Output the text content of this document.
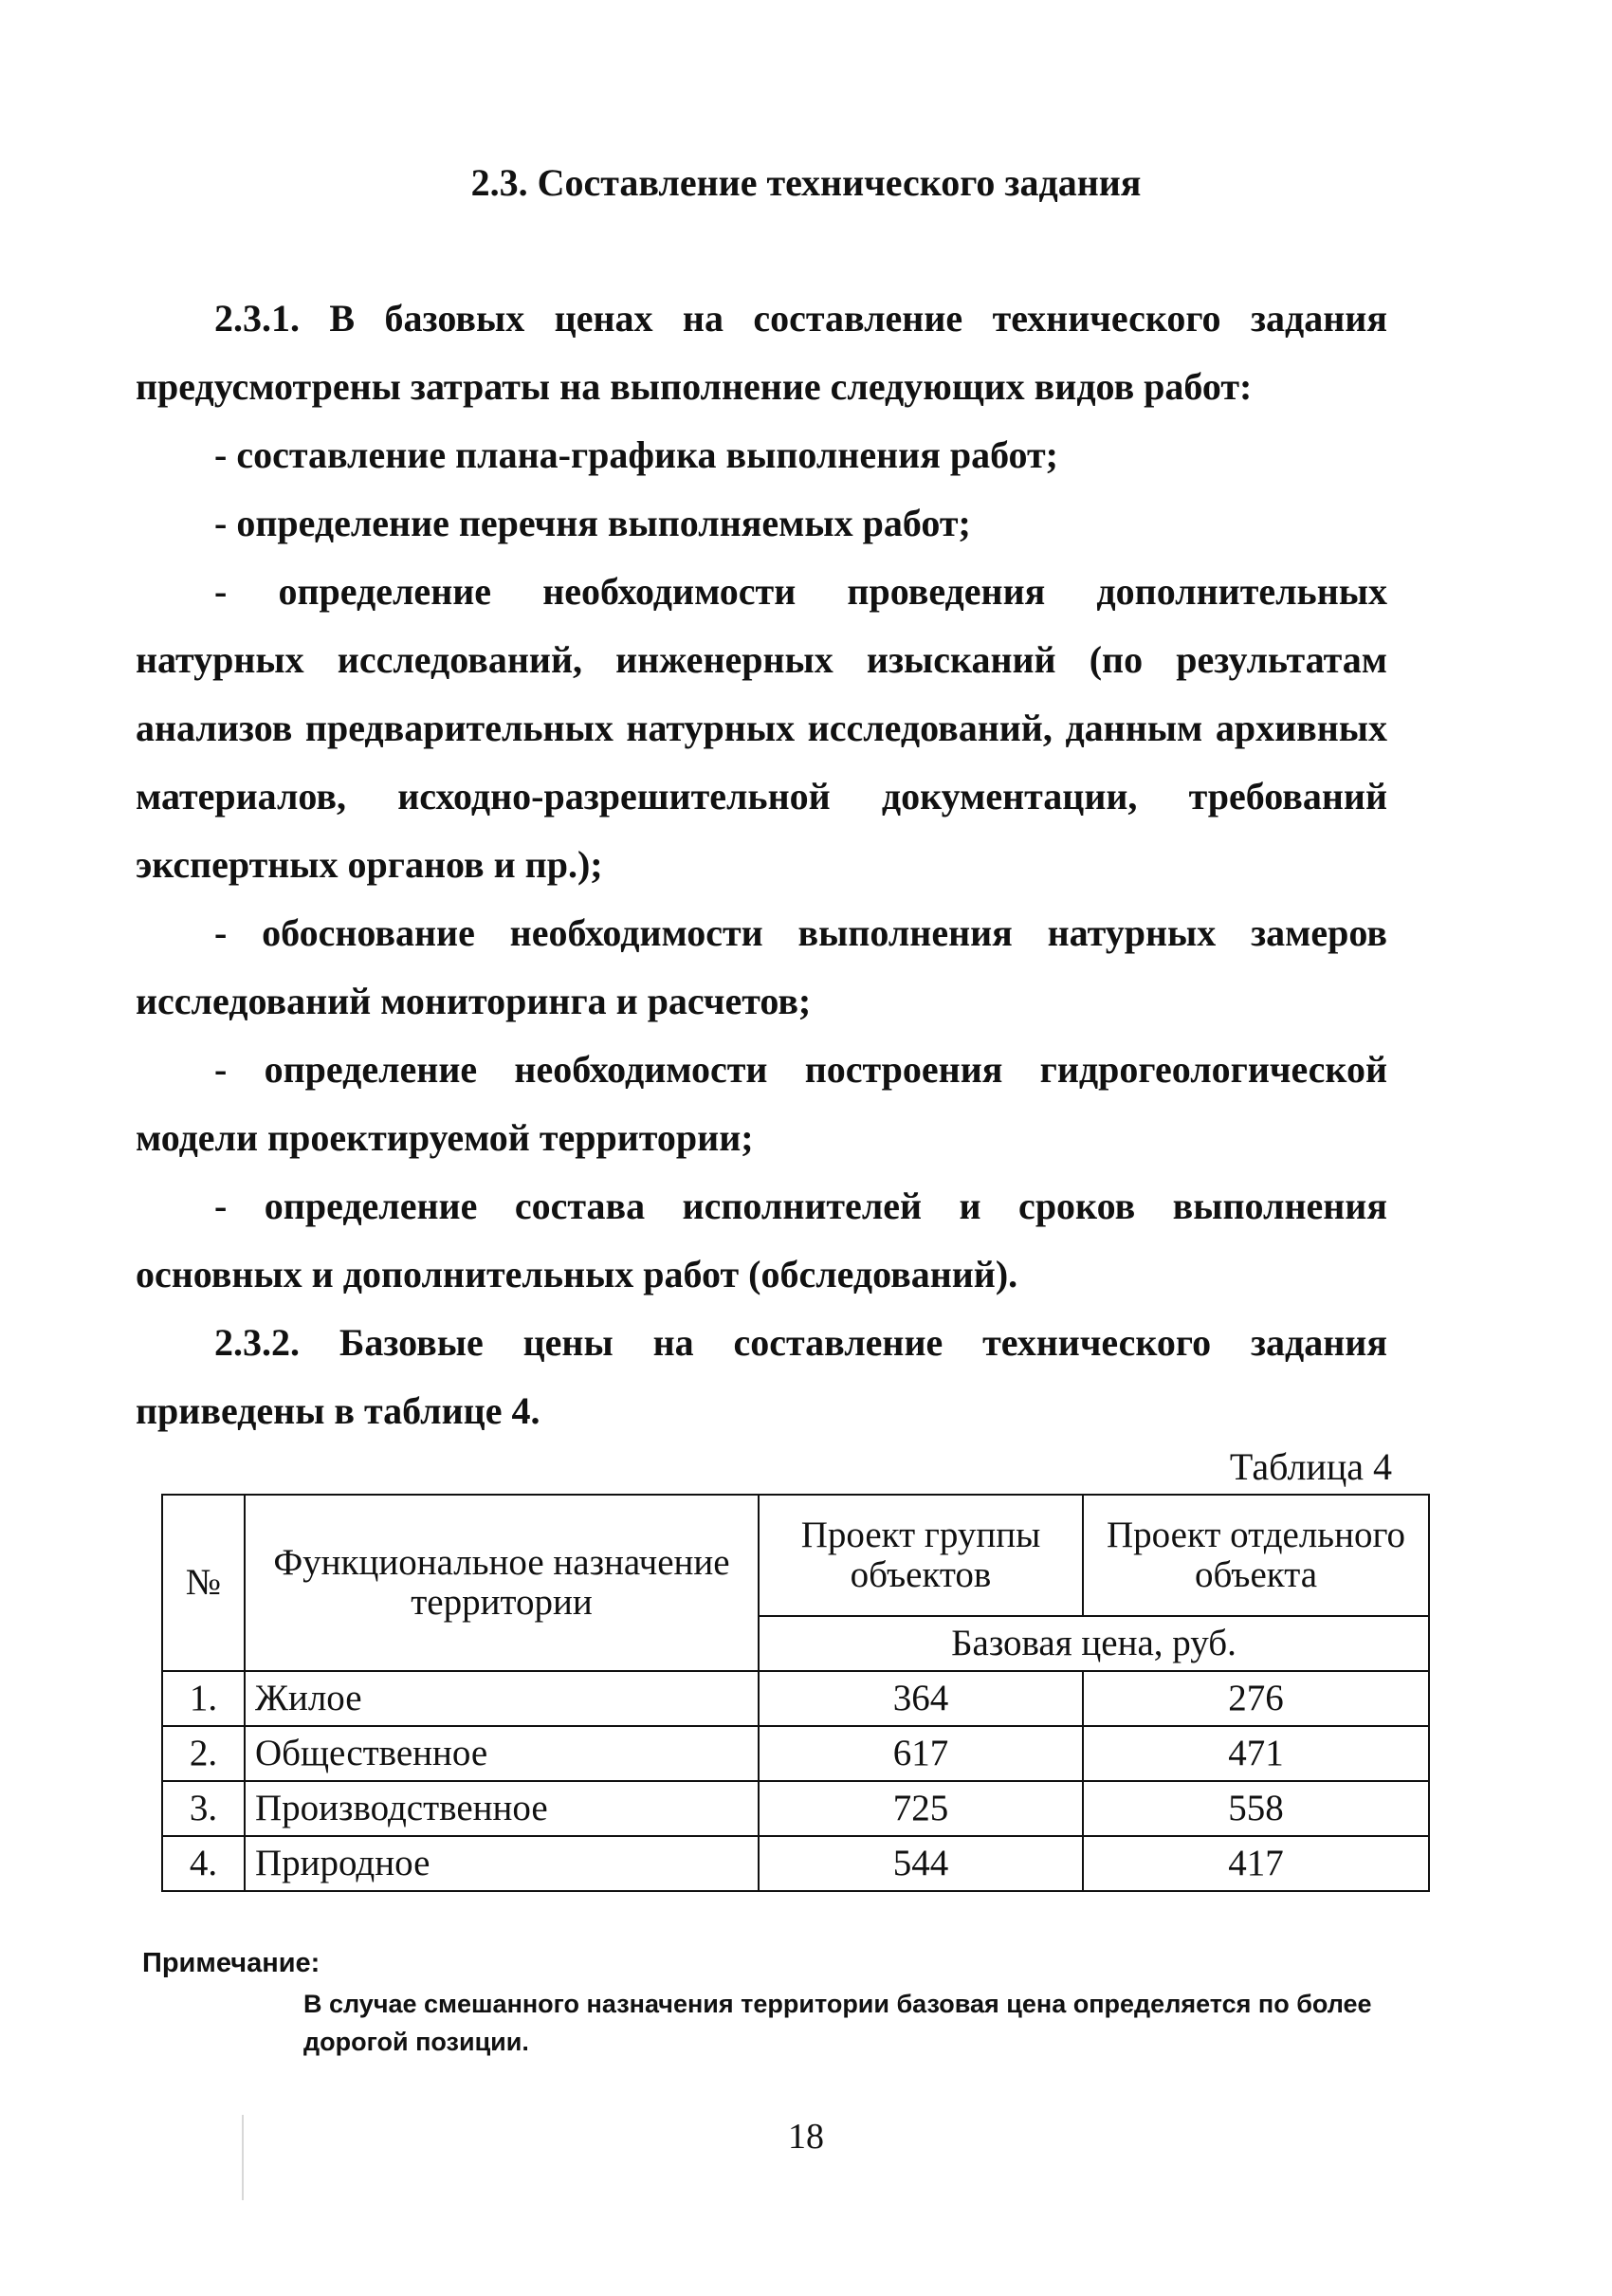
2.3. Составление технического задания

2.3.1. В базовых ценах на составление технического задания предусмотрены затраты на выполнение следующих видов работ:

- составление плана-графика выполнения работ;

- определение перечня выполняемых работ;

- определение необходимости проведения дополнительных натурных исследований, инженерных изысканий (по результатам анализов предварительных натурных исследований, данным архивных материалов, исходно-разрешительной документации, требований экспертных органов и пр.);

- обоснование необходимости выполнения натурных замеров исследований мониторинга и расчетов;

- определение необходимости построения гидрогеологической модели проектируемой территории;

- определение состава исполнителей и сроков выполнения основных и дополнительных работ (обследований).

2.3.2. Базовые цены на составление технического задания приведены в таблице 4.

Таблица 4
№	Функциональное назначение территории	Проект группы объектов	Проект отдельного объекта
		Базовая цена, руб.	
1.	Жилое	364	276
2.	Общественное	617	471
3.	Производственное	725	558
4.	Природное	544	417
Примечание:
В случае смешанного назначения территории базовая цена определяется по более дорогой позиции.
18
